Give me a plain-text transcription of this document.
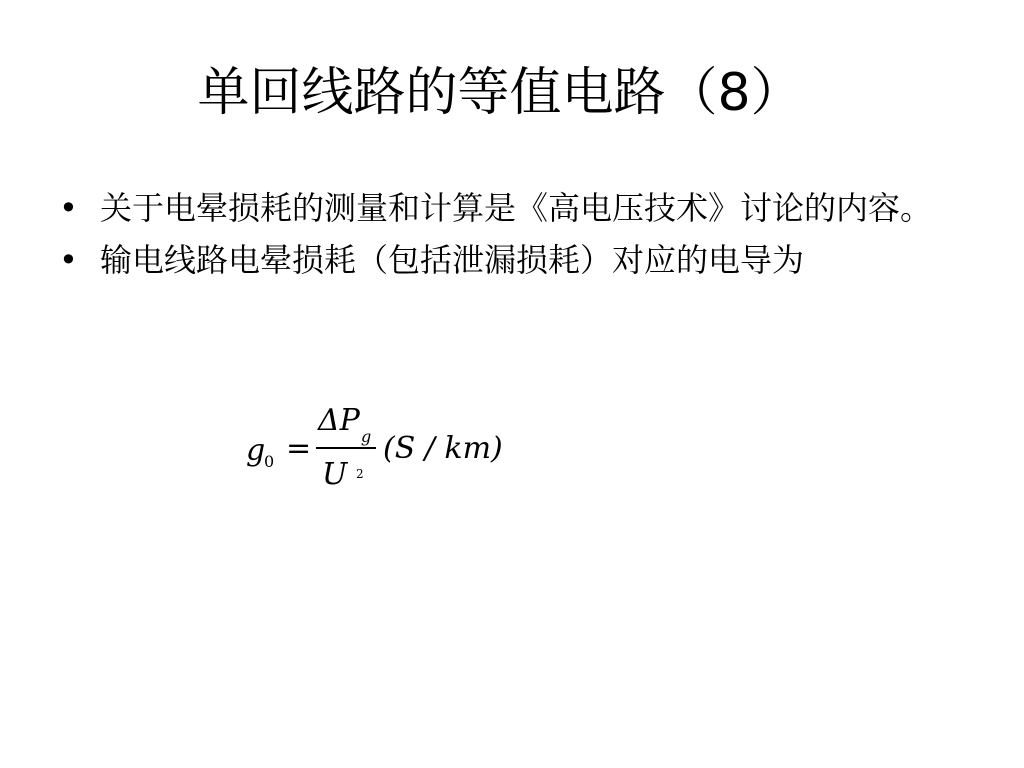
单回线路的等值电路（8）
• 关于电晕损耗的测量和计算是《高电压技术》讨论的内容。
• 输电线路电晕损耗（包括泄漏损耗）对应的电导为
g
0 =
ΔP g
U 2
(S / km)
